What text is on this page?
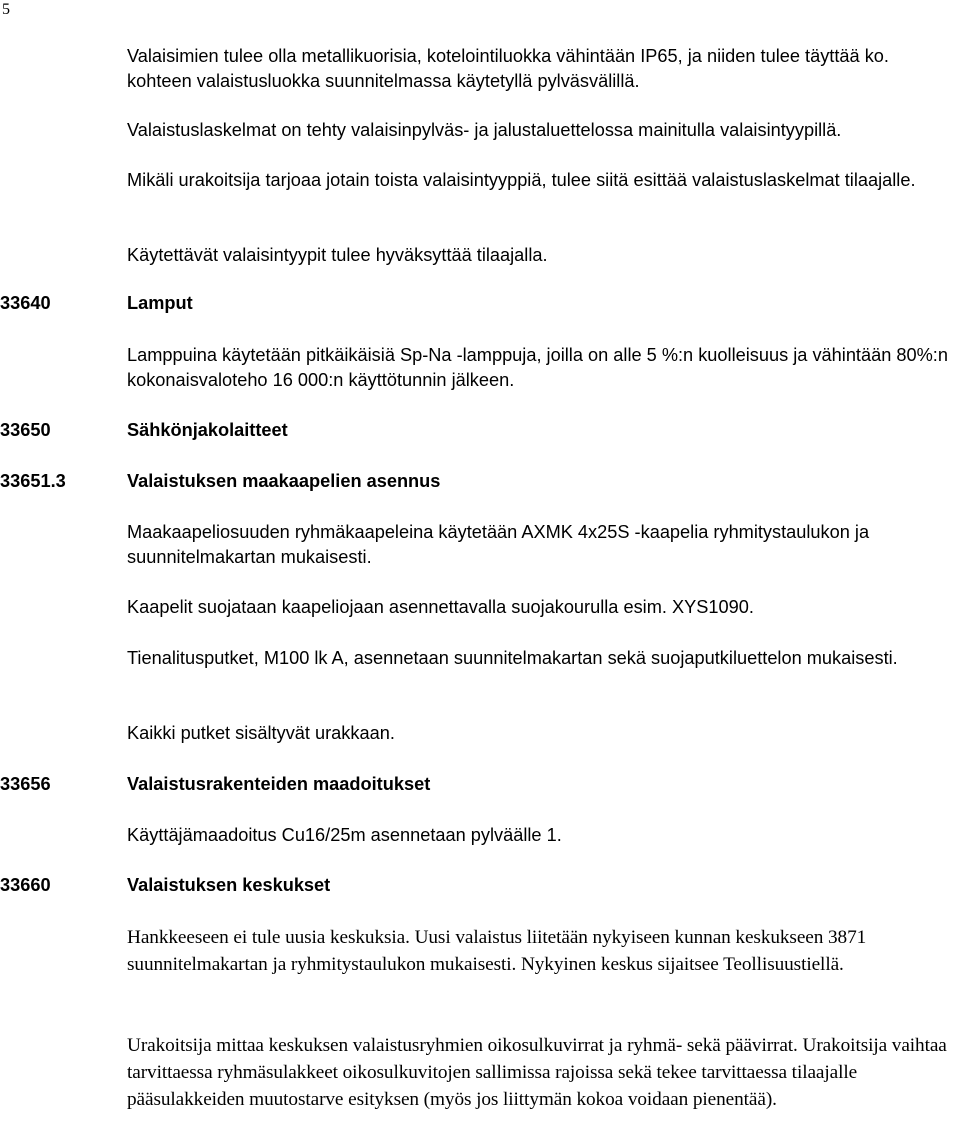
5

Valaisimien tulee olla metallikuorisia, kotelointiluokka vähintään IP65, ja niiden tulee täyttää ko. kohteen valaistusluokka suunnitelmassa käytetyllä pylväsvälillä.

Valaistuslaskelmat on tehty valaisinpylväs- ja jalustaluettelossa mainitulla valaisintyypillä.

Mikäli urakoitsija tarjoaa jotain toista valaisintyyppiä, tulee siitä esittää valaistuslaskelmat tilaajalle.

Käytettävät valaisintyypit tulee hyväksyttää tilaajalla.

33640	Lamput

Lamppuina käytetään pitkäikäisiä Sp-Na -lamppuja, joilla on alle 5 %:n kuolleisuus ja vähintään 80%:n kokonaisvaloteho 16 000:n käyttötunnin jälkeen.

33650	Sähkönjakolaitteet

33651.3	Valaistuksen maakaapelien asennus

Maakaapeliosuuden ryhmäkaapeleina käytetään AXMK 4x25S -kaapelia ryhmitystaulukon ja suunnitelmakartan mukaisesti.

Kaapelit suojataan kaapeliojaan asennettavalla suojakourulla esim. XYS1090.

Tienalitusputket, M100 lk A, asennetaan suunnitelmakartan sekä suojaputkiluettelon mukaisesti.

Kaikki putket sisältyvät urakkaan.

33656	Valaistusrakenteiden maadoitukset

Käyttäjämaadoitus Cu16/25m asennetaan pylväälle 1.

33660	Valaistuksen keskukset

Hankkeeseen ei tule uusia keskuksia. Uusi valaistus liitetään nykyiseen kunnan keskukseen 3871 suunnitelmakartan ja ryhmitystaulukon mukaisesti. Nykyinen keskus sijaitsee Teollisuustiellä.

Urakoitsija mittaa keskuksen valaistusryhmien oikosulkuvirrat ja ryhmä- sekä päävirrat. Urakoitsija vaihtaa tarvittaessa ryhmäsulakkeet oikosulkuvitojen sallimissa rajoissa sekä tekee tarvittaessa tilaajalle pääsulakkeiden muutostarve esityksen (myös jos liittymän kokoa voidaan pienentää).
